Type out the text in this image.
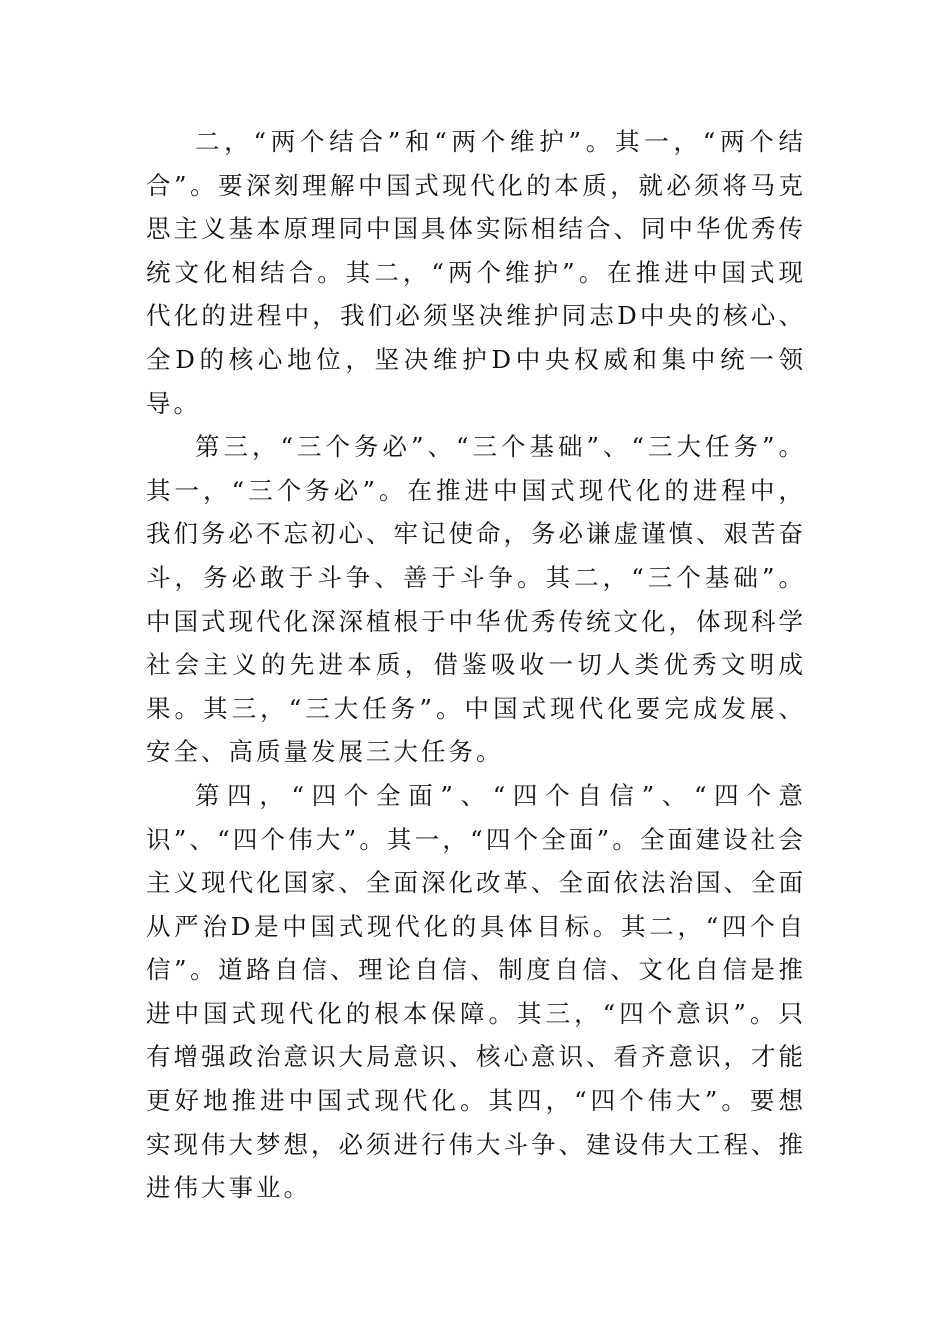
二，“两个结合”和“两个维护”。其一，“两个结合”。要深刻理解中国式现代化的本质，就必须将马克思主义基本原理同中国具体实际相结合、同中华优秀传统文化相结合。其二，“两个维护”。在推进中国式现代化的进程中，我们必须坚决维护同志D中央的核心、全D的核心地位，坚决维护D中央权威和集中统一领导。

第三，“三个务必”、“三个基础”、“三大任务”。其一，“三个务必”。在推进中国式现代化的进程中，我们务必不忘初心、牢记使命，务必谦虚谨慎、艰苦奋斗，务必敢于斗争、善于斗争。其二，“三个基础”。中国式现代化深深植根于中华优秀传统文化，体现科学社会主义的先进本质，借鉴吸收一切人类优秀文明成果。其三，“三大任务”。中国式现代化要完成发展、安全、高质量发展三大任务。

第四，“四个全面”、“四个自信”、“四个意识”、“四个伟大”。其一，“四个全面”。全面建设社会主义现代化国家、全面深化改革、全面依法治国、全面从严治D是中国式现代化的具体目标。其二，“四个自信”。道路自信、理论自信、制度自信、文化自信是推进中国式现代化的根本保障。其三，“四个意识”。只有增强政治意识大局意识、核心意识、看齐意识，才能更好地推进中国式现代化。其四，“四个伟大”。要想实现伟大梦想，必须进行伟大斗争、建设伟大工程、推进伟大事业。
